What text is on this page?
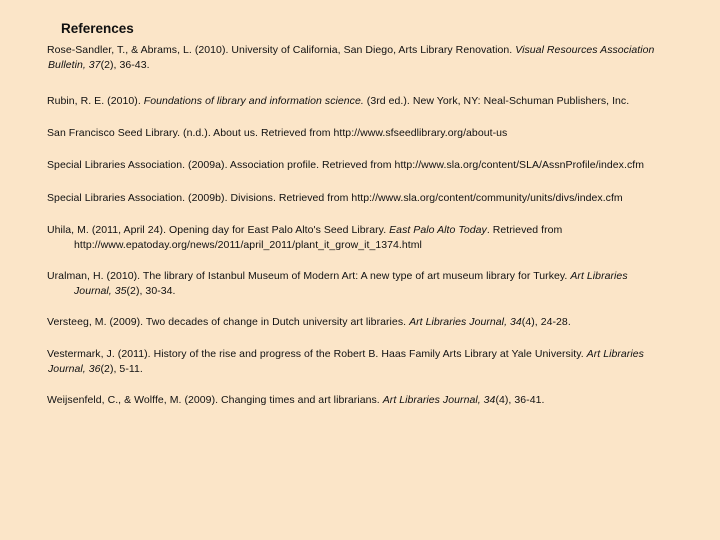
References

Rose-Sandler, T., & Abrams, L. (2010). University of California, San Diego, Arts Library Renovation. Visual Resources Association
Bulletin, 37(2), 36-43.

Rubin, R. E. (2010). Foundations of library and information science. (3rd ed.). New York, NY: Neal-Schuman Publishers, Inc.

San Francisco Seed Library. (n.d.). About us. Retrieved from http://www.sfseedlibrary.org/about-us

Special Libraries Association. (2009a). Association profile. Retrieved from http://www.sla.org/content/SLA/AssnProfile/index.cfm

Special Libraries Association. (2009b). Divisions. Retrieved from http://www.sla.org/content/community/units/divs/index.cfm

Uhila, M. (2011, April 24). Opening day for East Palo Alto's Seed Library. East Palo Alto Today. Retrieved from
http://www.epatoday.org/news/2011/april_2011/plant_it_grow_it_1374.html

Uralman, H. (2010). The library of Istanbul Museum of Modern Art: A new type of art museum library for Turkey. Art Libraries
Journal, 35(2), 30-34.

Versteeg, M. (2009). Two decades of change in Dutch university art libraries. Art Libraries Journal, 34(4), 24-28.

Vestermark, J. (2011). History of the rise and progress of the Robert B. Haas Family Arts Library at Yale University. Art Libraries
Journal, 36(2), 5-11.

Weijsenfeld, C., & Wolffe, M. (2009). Changing times and art librarians. Art Libraries Journal, 34(4), 36-41.
